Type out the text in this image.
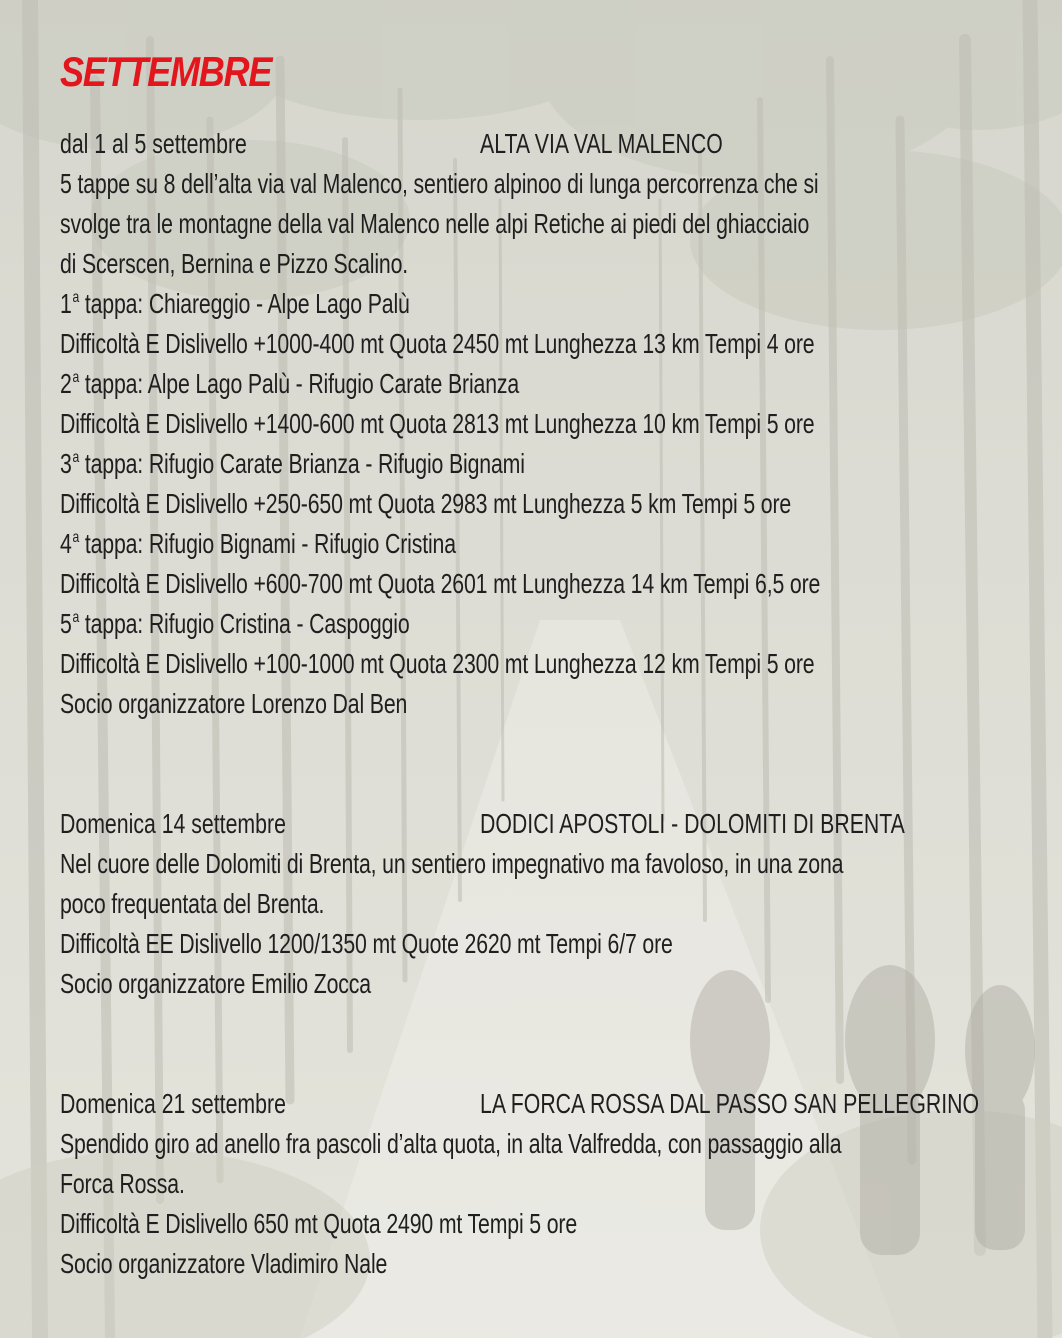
SETTEMBRE
dal 1 al 5 settembre	ALTA VIA VAL MALENCO
5 tappe su 8 dell’alta via val Malenco, sentiero alpinoo di lunga percorrenza che si
svolge tra le montagne della val Malenco nelle alpi Retiche ai piedi del ghiacciaio
di Scerscen, Bernina e Pizzo Scalino.
1$^a$ tappa: Chiareggio - Alpe Lago Palù
Difficoltà E Dislivello +1000-400 mt Quota 2450 mt Lunghezza 13 km Tempi 4 ore
2$^a$ tappa: Alpe Lago Palù - Rifugio Carate Brianza
Difficoltà E Dislivello +1400-600 mt Quota 2813 mt Lunghezza 10 km Tempi 5 ore
3$^a$ tappa: Rifugio Carate Brianza - Rifugio Bignami
Difficoltà E Dislivello +250-650 mt Quota 2983 mt Lunghezza 5 km Tempi 5 ore
4$^a$ tappa: Rifugio Bignami - Rifugio Cristina
Difficoltà E Dislivello +600-700 mt Quota 2601 mt Lunghezza 14 km Tempi 6,5 ore
5$^a$ tappa: Rifugio Cristina - Caspoggio
Difficoltà E Dislivello +100-1000 mt Quota 2300 mt Lunghezza 12 km Tempi 5 ore
Socio organizzatore Lorenzo Dal Ben
Domenica 14 settembre	DODICI APOSTOLI - DOLOMITI DI BRENTA
Nel cuore delle Dolomiti di Brenta, un sentiero impegnativo ma favoloso, in una zona
poco frequentata del Brenta.
Difficoltà EE Dislivello 1200/1350 mt Quote 2620 mt Tempi 6/7 ore
Socio organizzatore Emilio Zocca
Domenica 21 settembre	LA FORCA ROSSA DAL PASSO SAN PELLEGRINO
Spendido giro ad anello fra pascoli d’alta quota, in alta Valfredda, con passaggio alla
Forca Rossa.
Difficoltà E Dislivello 650 mt Quota 2490 mt Tempi 5 ore
Socio organizzatore Vladimiro Nale
